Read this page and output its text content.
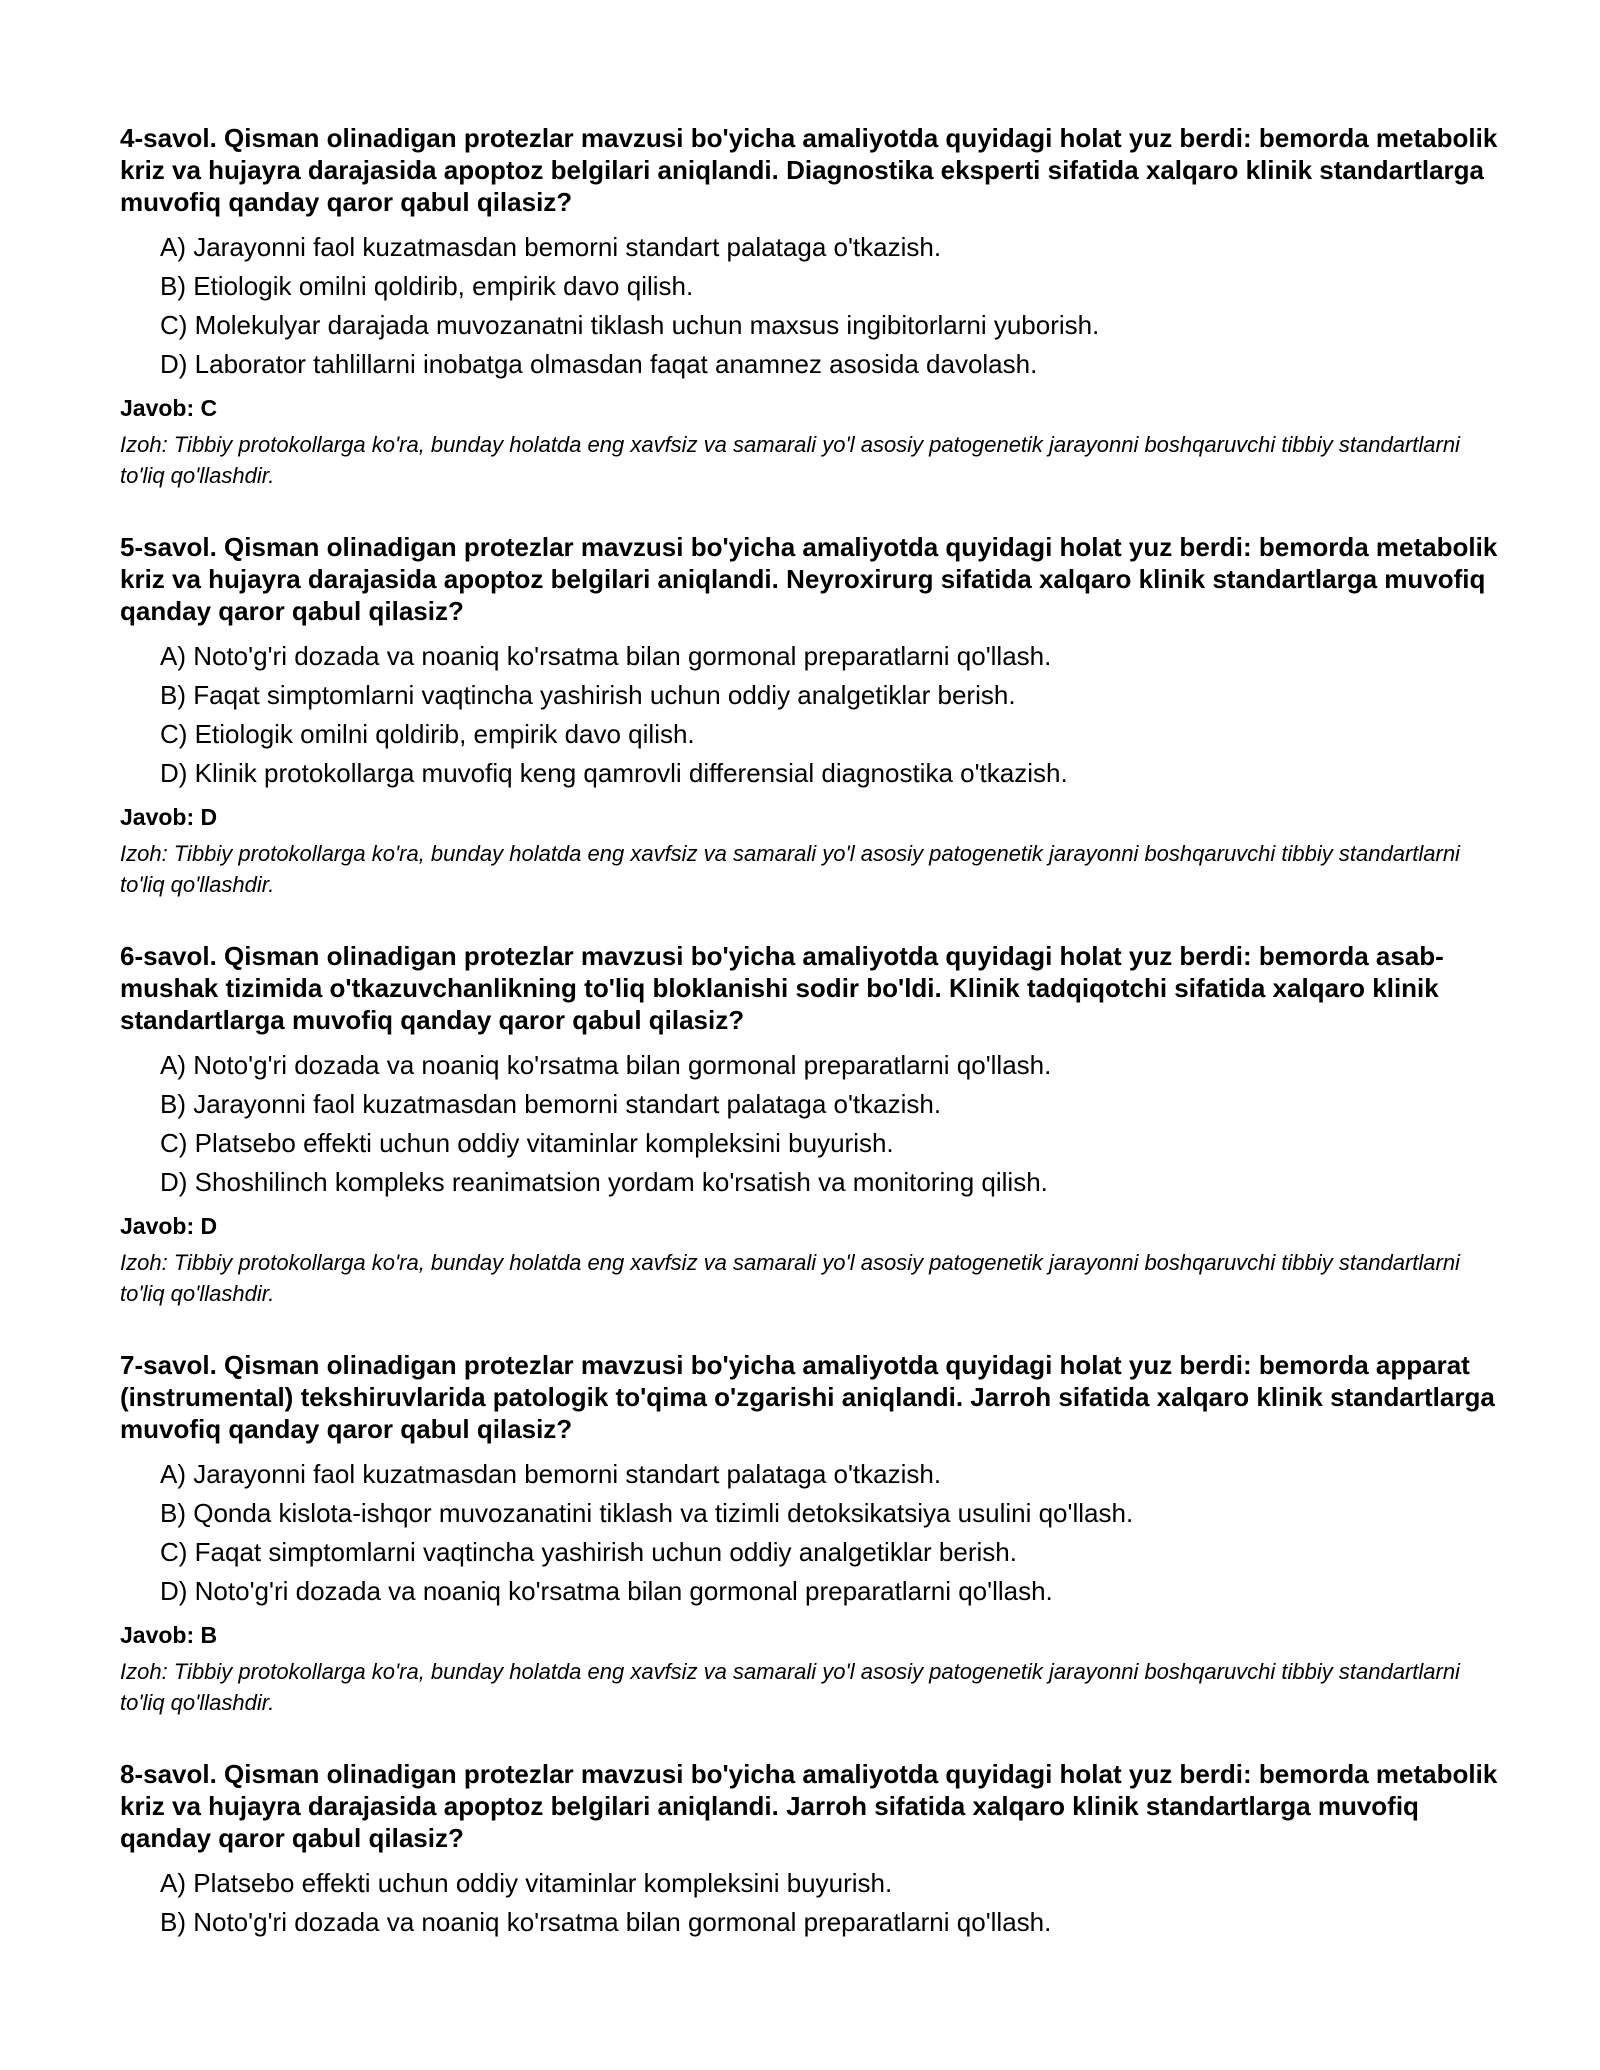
4-savol. Qisman olinadigan protezlar mavzusi bo'yicha amaliyotda quyidagi holat yuz berdi: bemorda metabolik kriz va hujayra darajasida apoptoz belgilari aniqlandi. Diagnostika eksperti sifatida xalqaro klinik standartlarga muvofiq qanday qaror qabul qilasiz?
A) Jarayonni faol kuzatmasdan bemorni standart palataga o'tkazish.
B) Etiologik omilni qoldirib, empirik davo qilish.
C) Molekulyar darajada muvozanatni tiklash uchun maxsus ingibitorlarni yuborish.
D) Laborator tahlillarni inobatga olmasdan faqat anamnez asosida davolash.
Javob: C

Izoh: Tibbiy protokollarga ko'ra, bunday holatda eng xavfsiz va samarali yo'l asosiy patogenetik jarayonni boshqaruvchi tibbiy standartlarni to'liq qo'llashdir.

5-savol. Qisman olinadigan protezlar mavzusi bo'yicha amaliyotda quyidagi holat yuz berdi: bemorda metabolik kriz va hujayra darajasida apoptoz belgilari aniqlandi. Neyroxirurg sifatida xalqaro klinik standartlarga muvofiq qanday qaror qabul qilasiz?
A) Noto'g'ri dozada va noaniq ko'rsatma bilan gormonal preparatlarni qo'llash.
B) Faqat simptomlarni vaqtincha yashirish uchun oddiy analgetiklar berish.
C) Etiologik omilni qoldirib, empirik davo qilish.
D) Klinik protokollarga muvofiq keng qamrovli differensial diagnostika o'tkazish.
Javob: D

Izoh: Tibbiy protokollarga ko'ra, bunday holatda eng xavfsiz va samarali yo'l asosiy patogenetik jarayonni boshqaruvchi tibbiy standartlarni to'liq qo'llashdir.

6-savol. Qisman olinadigan protezlar mavzusi bo'yicha amaliyotda quyidagi holat yuz berdi: bemorda asab-mushak tizimida o'tkazuvchanlikning to'liq bloklanishi sodir bo'ldi. Klinik tadqiqotchi sifatida xalqaro klinik standartlarga muvofiq qanday qaror qabul qilasiz?
A) Noto'g'ri dozada va noaniq ko'rsatma bilan gormonal preparatlarni qo'llash.
B) Jarayonni faol kuzatmasdan bemorni standart palataga o'tkazish.
C) Platsebo effekti uchun oddiy vitaminlar kompleksini buyurish.
D) Shoshilinch kompleks reanimatsion yordam ko'rsatish va monitoring qilish.
Javob: D

Izoh: Tibbiy protokollarga ko'ra, bunday holatda eng xavfsiz va samarali yo'l asosiy patogenetik jarayonni boshqaruvchi tibbiy standartlarni to'liq qo'llashdir.

7-savol. Qisman olinadigan protezlar mavzusi bo'yicha amaliyotda quyidagi holat yuz berdi: bemorda apparat (instrumental) tekshiruvlarida patologik to'qima o'zgarishi aniqlandi. Jarroh sifatida xalqaro klinik standartlarga muvofiq qanday qaror qabul qilasiz?
A) Jarayonni faol kuzatmasdan bemorni standart palataga o'tkazish.
B) Qonda kislota-ishqor muvozanatini tiklash va tizimli detoksikatsiya usulini qo'llash.
C) Faqat simptomlarni vaqtincha yashirish uchun oddiy analgetiklar berish.
D) Noto'g'ri dozada va noaniq ko'rsatma bilan gormonal preparatlarni qo'llash.
Javob: B

Izoh: Tibbiy protokollarga ko'ra, bunday holatda eng xavfsiz va samarali yo'l asosiy patogenetik jarayonni boshqaruvchi tibbiy standartlarni to'liq qo'llashdir.

8-savol. Qisman olinadigan protezlar mavzusi bo'yicha amaliyotda quyidagi holat yuz berdi: bemorda metabolik kriz va hujayra darajasida apoptoz belgilari aniqlandi. Jarroh sifatida xalqaro klinik standartlarga muvofiq qanday qaror qabul qilasiz?
A) Platsebo effekti uchun oddiy vitaminlar kompleksini buyurish.
B) Noto'g'ri dozada va noaniq ko'rsatma bilan gormonal preparatlarni qo'llash.
